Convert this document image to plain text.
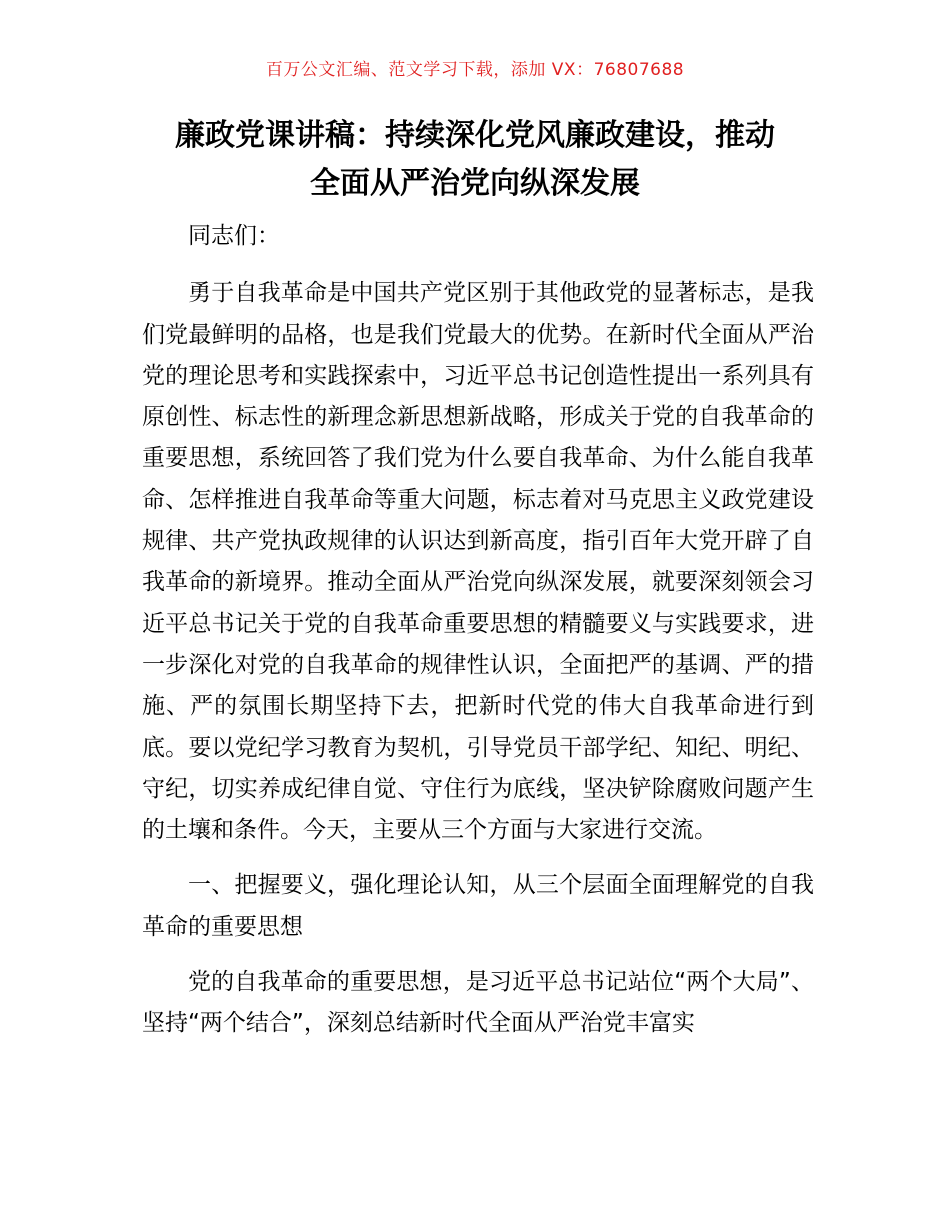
百万公文汇编、范文学习下载，添加 VX：76807688
廉政党课讲稿：持续深化党风廉政建设，推动
全面从严治党向纵深发展

同志们：

勇于自我革命是中国共产党区别于其他政党的显著标志，是我们党最鲜明的品格，也是我们党最大的优势。在新时代全面从严治党的理论思考和实践探索中，习近平总书记创造性提出一系列具有原创性、标志性的新理念新思想新战略，形成关于党的自我革命的重要思想，系统回答了我们党为什么要自我革命、为什么能自我革命、怎样推进自我革命等重大问题，标志着对马克思主义政党建设规律、共产党执政规律的认识达到新高度，指引百年大党开辟了自我革命的新境界。推动全面从严治党向纵深发展，就要深刻领会习近平总书记关于党的自我革命重要思想的精髓要义与实践要求，进一步深化对党的自我革命的规律性认识，全面把严的基调、严的措施、严的氛围长期坚持下去，把新时代党的伟大自我革命进行到底。要以党纪学习教育为契机，引导党员干部学纪、知纪、明纪、守纪，切实养成纪律自觉、守住行为底线，坚决铲除腐败问题产生的土壤和条件。今天，主要从三个方面与大家进行交流。

一、把握要义，强化理论认知，从三个层面全面理解党的自我革命的重要思想

党的自我革命的重要思想，是习近平总书记站位“两个大局”、坚持“两个结合”，深刻总结新时代全面从严治党丰富实
